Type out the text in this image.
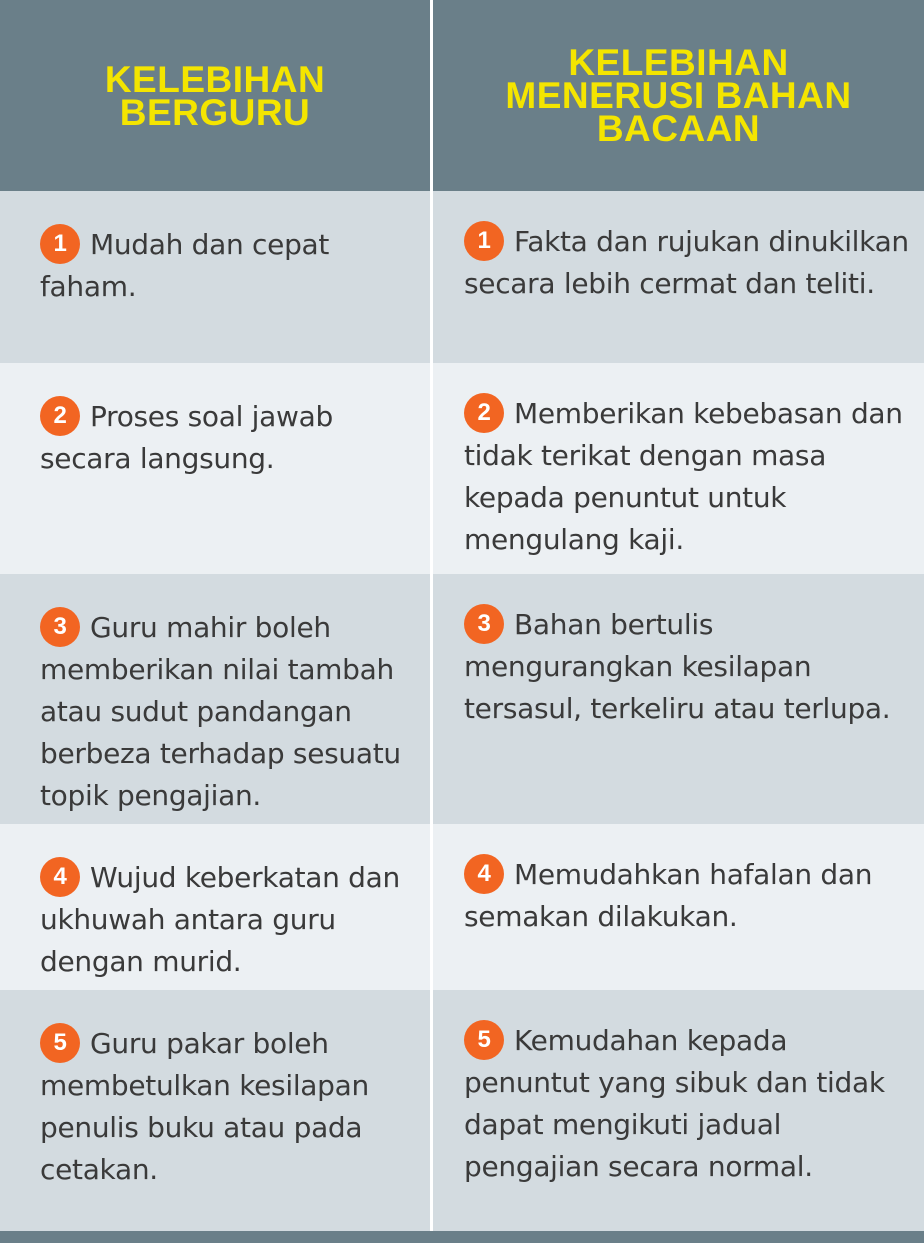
KELEBIHAN
BERGURU
KELEBIHAN
MENERUSI BAHAN
BACAAN

1 Mudah dan cepat faham.

1 Fakta dan rujukan dinukilkan secara lebih cermat dan teliti.

2 Proses soal jawab secara langsung.

2 Memberikan kebebasan dan tidak terikat dengan masa kepada penuntut untuk mengulang kaji.

3 Guru mahir boleh memberikan nilai tambah atau sudut pandangan berbeza terhadap sesuatu topik pengajian.

3 Bahan bertulis mengurangkan kesilapan tersasul, terkeliru atau terlupa.

4 Wujud keberkatan dan ukhuwah antara guru dengan murid.

4 Memudahkan hafalan dan semakan dilakukan.

5 Guru pakar boleh membetulkan kesilapan penulis buku atau pada cetakan.

5 Kemudahan kepada penuntut yang sibuk dan tidak dapat mengikuti jadual pengajian secara normal.
